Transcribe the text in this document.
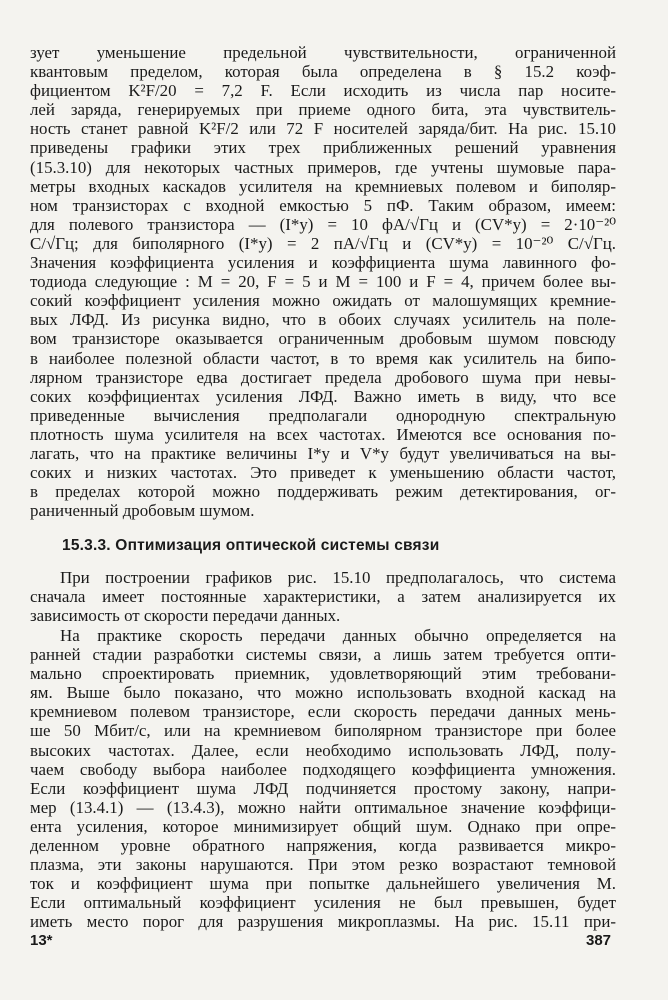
зует уменьшение предельной чувствительности, ограниченной
квантовым пределом, которая была определена в § 15.2 коэф-
фициентом K²F/20 = 7,2 F. Если исходить из числа пар носите-
лей заряда, генерируемых при приеме одного бита, эта чувствитель-
ность станет равной K²F/2 или 72 F носителей заряда/бит. На рис. 15.10
приведены графики этих трех приближенных решений уравнения
(15.3.10) для некоторых частных примеров, где учтены шумовые пара-
метры входных каскадов усилителя на кремниевых полевом и биполяр-
ном транзисторах с входной емкостью 5 пФ. Таким образом, имеем:
для полевого транзистора — (I*у) = 10 фА/√Гц и (CV*у) = 2·10⁻²⁰
C/√Гц; для биполярного (I*у) = 2 пА/√Гц и (CV*у) = 10⁻²⁰ C/√Гц.
Значения коэффициента усиления и коэффициента шума лавинного фо-
тодиода следующие : M = 20, F = 5 и M = 100 и F = 4, причем более вы-
сокий коэффициент усиления можно ожидать от малошумящих кремние-
вых ЛФД. Из рисунка видно, что в обоих случаях усилитель на поле-
вом транзисторе оказывается ограниченным дробовым шумом повсюду
в наиболее полезной области частот, в то время как усилитель на бипо-
лярном транзисторе едва достигает предела дробового шума при невы-
соких коэффициентах усиления ЛФД. Важно иметь в виду, что все
приведенные вычисления предполагали однородную спектральную
плотность шума усилителя на всех частотах. Имеются все основания по-
лагать, что на практике величины I*у и V*у будут увеличиваться на вы-
соких и низких частотах. Это приведет к уменьшению области частот,
в пределах которой можно поддерживать режим детектирования, ог-
раниченный дробовым шумом.
15.3.3. Оптимизация оптической системы связи
При построении графиков рис. 15.10 предполагалось, что система
сначала имеет постоянные характеристики, а затем анализируется их
зависимость от скорости передачи данных.
На практике скорость передачи данных обычно определяется на
ранней стадии разработки системы связи, а лишь затем требуется опти-
мально спроектировать приемник, удовлетворяющий этим требовани-
ям. Выше было показано, что можно использовать входной каскад на
кремниевом полевом транзисторе, если скорость передачи данных мень-
ше 50 Мбит/с, или на кремниевом биполярном транзисторе при более
высоких частотах. Далее, если необходимо использовать ЛФД, полу-
чаем свободу выбора наиболее подходящего коэффициента умножения.
Если коэффициент шума ЛФД подчиняется простому закону, напри-
мер (13.4.1) — (13.4.3), можно найти оптимальное значение коэффици-
ента усиления, которое минимизирует общий шум. Однако при опре-
деленном уровне обратного напряжения, когда развивается микро-
плазма, эти законы нарушаются. При этом резко возрастают темновой
ток и коэффициент шума при попытке дальнейшего увеличения M.
Если оптимальный коэффициент усиления не был превышен, будет
иметь место порог для разрушения микроплазмы. На рис. 15.11 при-
13*	387
